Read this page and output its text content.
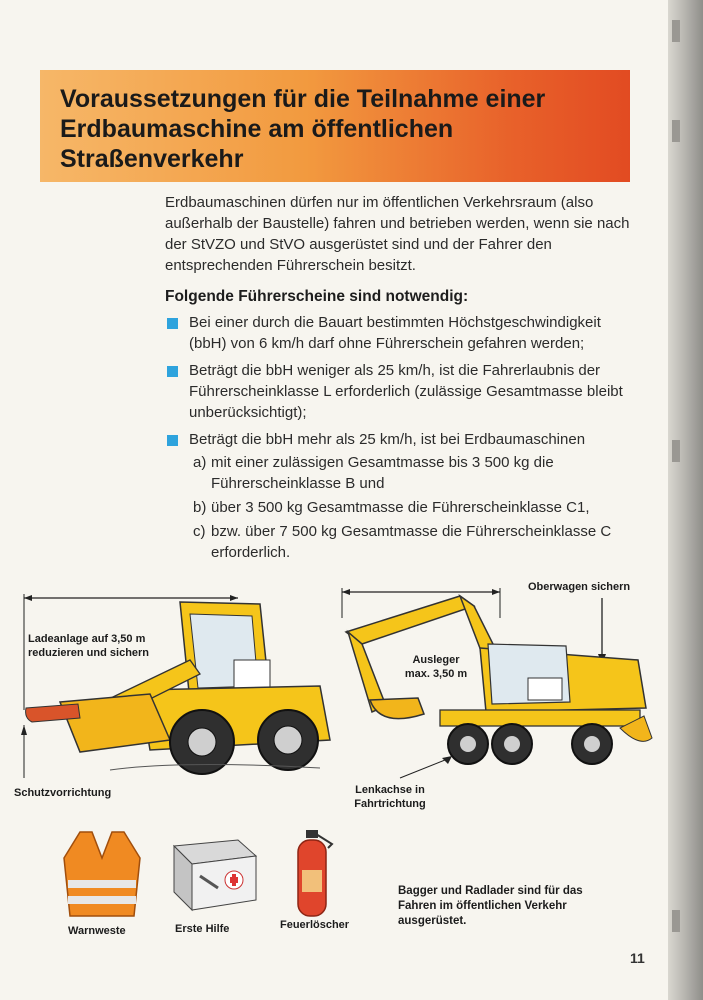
Voraussetzungen für die Teilnahme einer Erdbaumaschine am öffentlichen Straßenverkehr

Erdbaumaschinen dürfen nur im öffentlichen Verkehrsraum (also außerhalb der Baustelle) fahren und betrieben werden, wenn sie nach der StVZO und StVO ausgerüstet sind und der Fahrer den entsprechenden Führerschein besitzt.

Folgende Führerscheine sind notwendig:
Bei einer durch die Bauart bestimmten Höchstgeschwindigkeit (bbH) von 6 km/h darf ohne Führerschein gefahren werden;
Beträgt die bbH weniger als 25 km/h, ist die Fahrerlaubnis der Führerscheinklasse L erforderlich (zulässige Gesamtmasse bleibt unberücksichtigt);
Beträgt die bbH mehr als 25 km/h, ist bei Erdbaumaschinen
a) mit einer zulässigen Gesamtmasse bis 3 500 kg die Führerscheinklasse B und
b) über 3 500 kg Gesamtmasse die Führerscheinklasse C1,
c) bzw. über 7 500 kg Gesamtmasse die Führerscheinklasse C erforderlich.
Ladeanlage auf 3,50 m reduzieren und sichern
Schutzvorrichtung
Oberwagen sichern
Ausleger max. 3,50 m
Lenkachse in Fahrtrichtung
Warnweste	Erste Hilfe	Feuerlöscher
Bagger und Radlader sind für das Fahren im öffentlichen Verkehr ausgerüstet.
11
